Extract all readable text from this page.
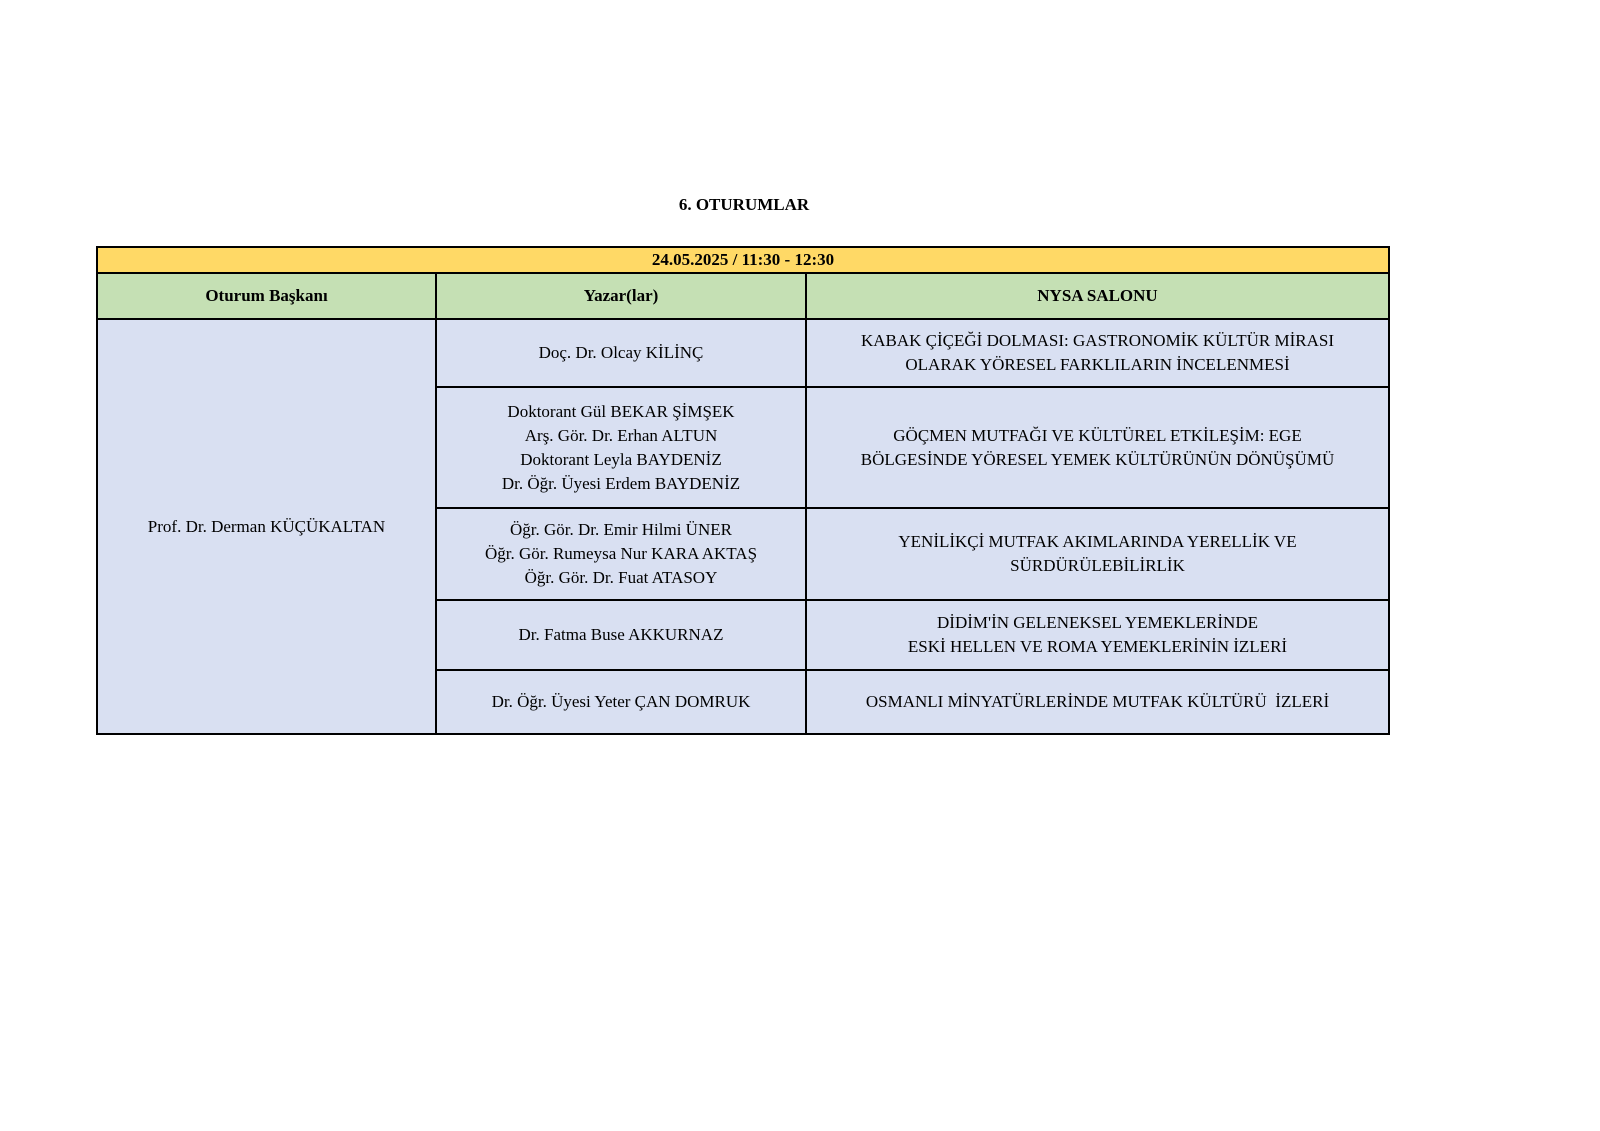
6. OTURUMLAR
24.05.2025 / 11:30 - 12:30		
Oturum Başkanı	Yazar(lar)	NYSA SALONU
Prof. Dr. Derman KÜÇÜKALTAN	Doç. Dr. Olcay KİLİNÇ	KABAK ÇİÇEĞİ DOLMASI: GASTRONOMİK KÜLTÜR MİRASI
OLARAK YÖRESEL FARKLILARIN İNCELENMESİ

	Doktorant Gül BEKAR ŞİMŞEK
Arş. Gör. Dr. Erhan ALTUN
Doktorant Leyla BAYDENİZ
Dr. Öğr. Üyesi Erdem BAYDENİZ	GÖÇMEN MUTFAĞI VE KÜLTÜREL ETKİLEŞİM: EGE
BÖLGESİNDE YÖRESEL YEMEK KÜLTÜRÜNÜN DÖNÜŞÜMÜ

	Öğr. Gör. Dr. Emir Hilmi ÜNER
Öğr. Gör. Rumeysa Nur KARA AKTAŞ
Öğr. Gör. Dr. Fuat ATASOY	YENİLİKÇİ MUTFAK AKIMLARINDA YERELLİK VE
SÜRDÜRÜLEBİLİRLİK

	Dr. Fatma Buse AKKURNAZ	DİDİM'İN GELENEKSEL YEMEKLERİNDE
ESKİ HELLEN VE ROMA YEMEKLERİNİN İZLERİ

	Dr. Öğr. Üyesi Yeter ÇAN DOMRUK	OSMANLI MİNYATÜRLERİNDE MUTFAK KÜLTÜRÜ  İZLERİ
